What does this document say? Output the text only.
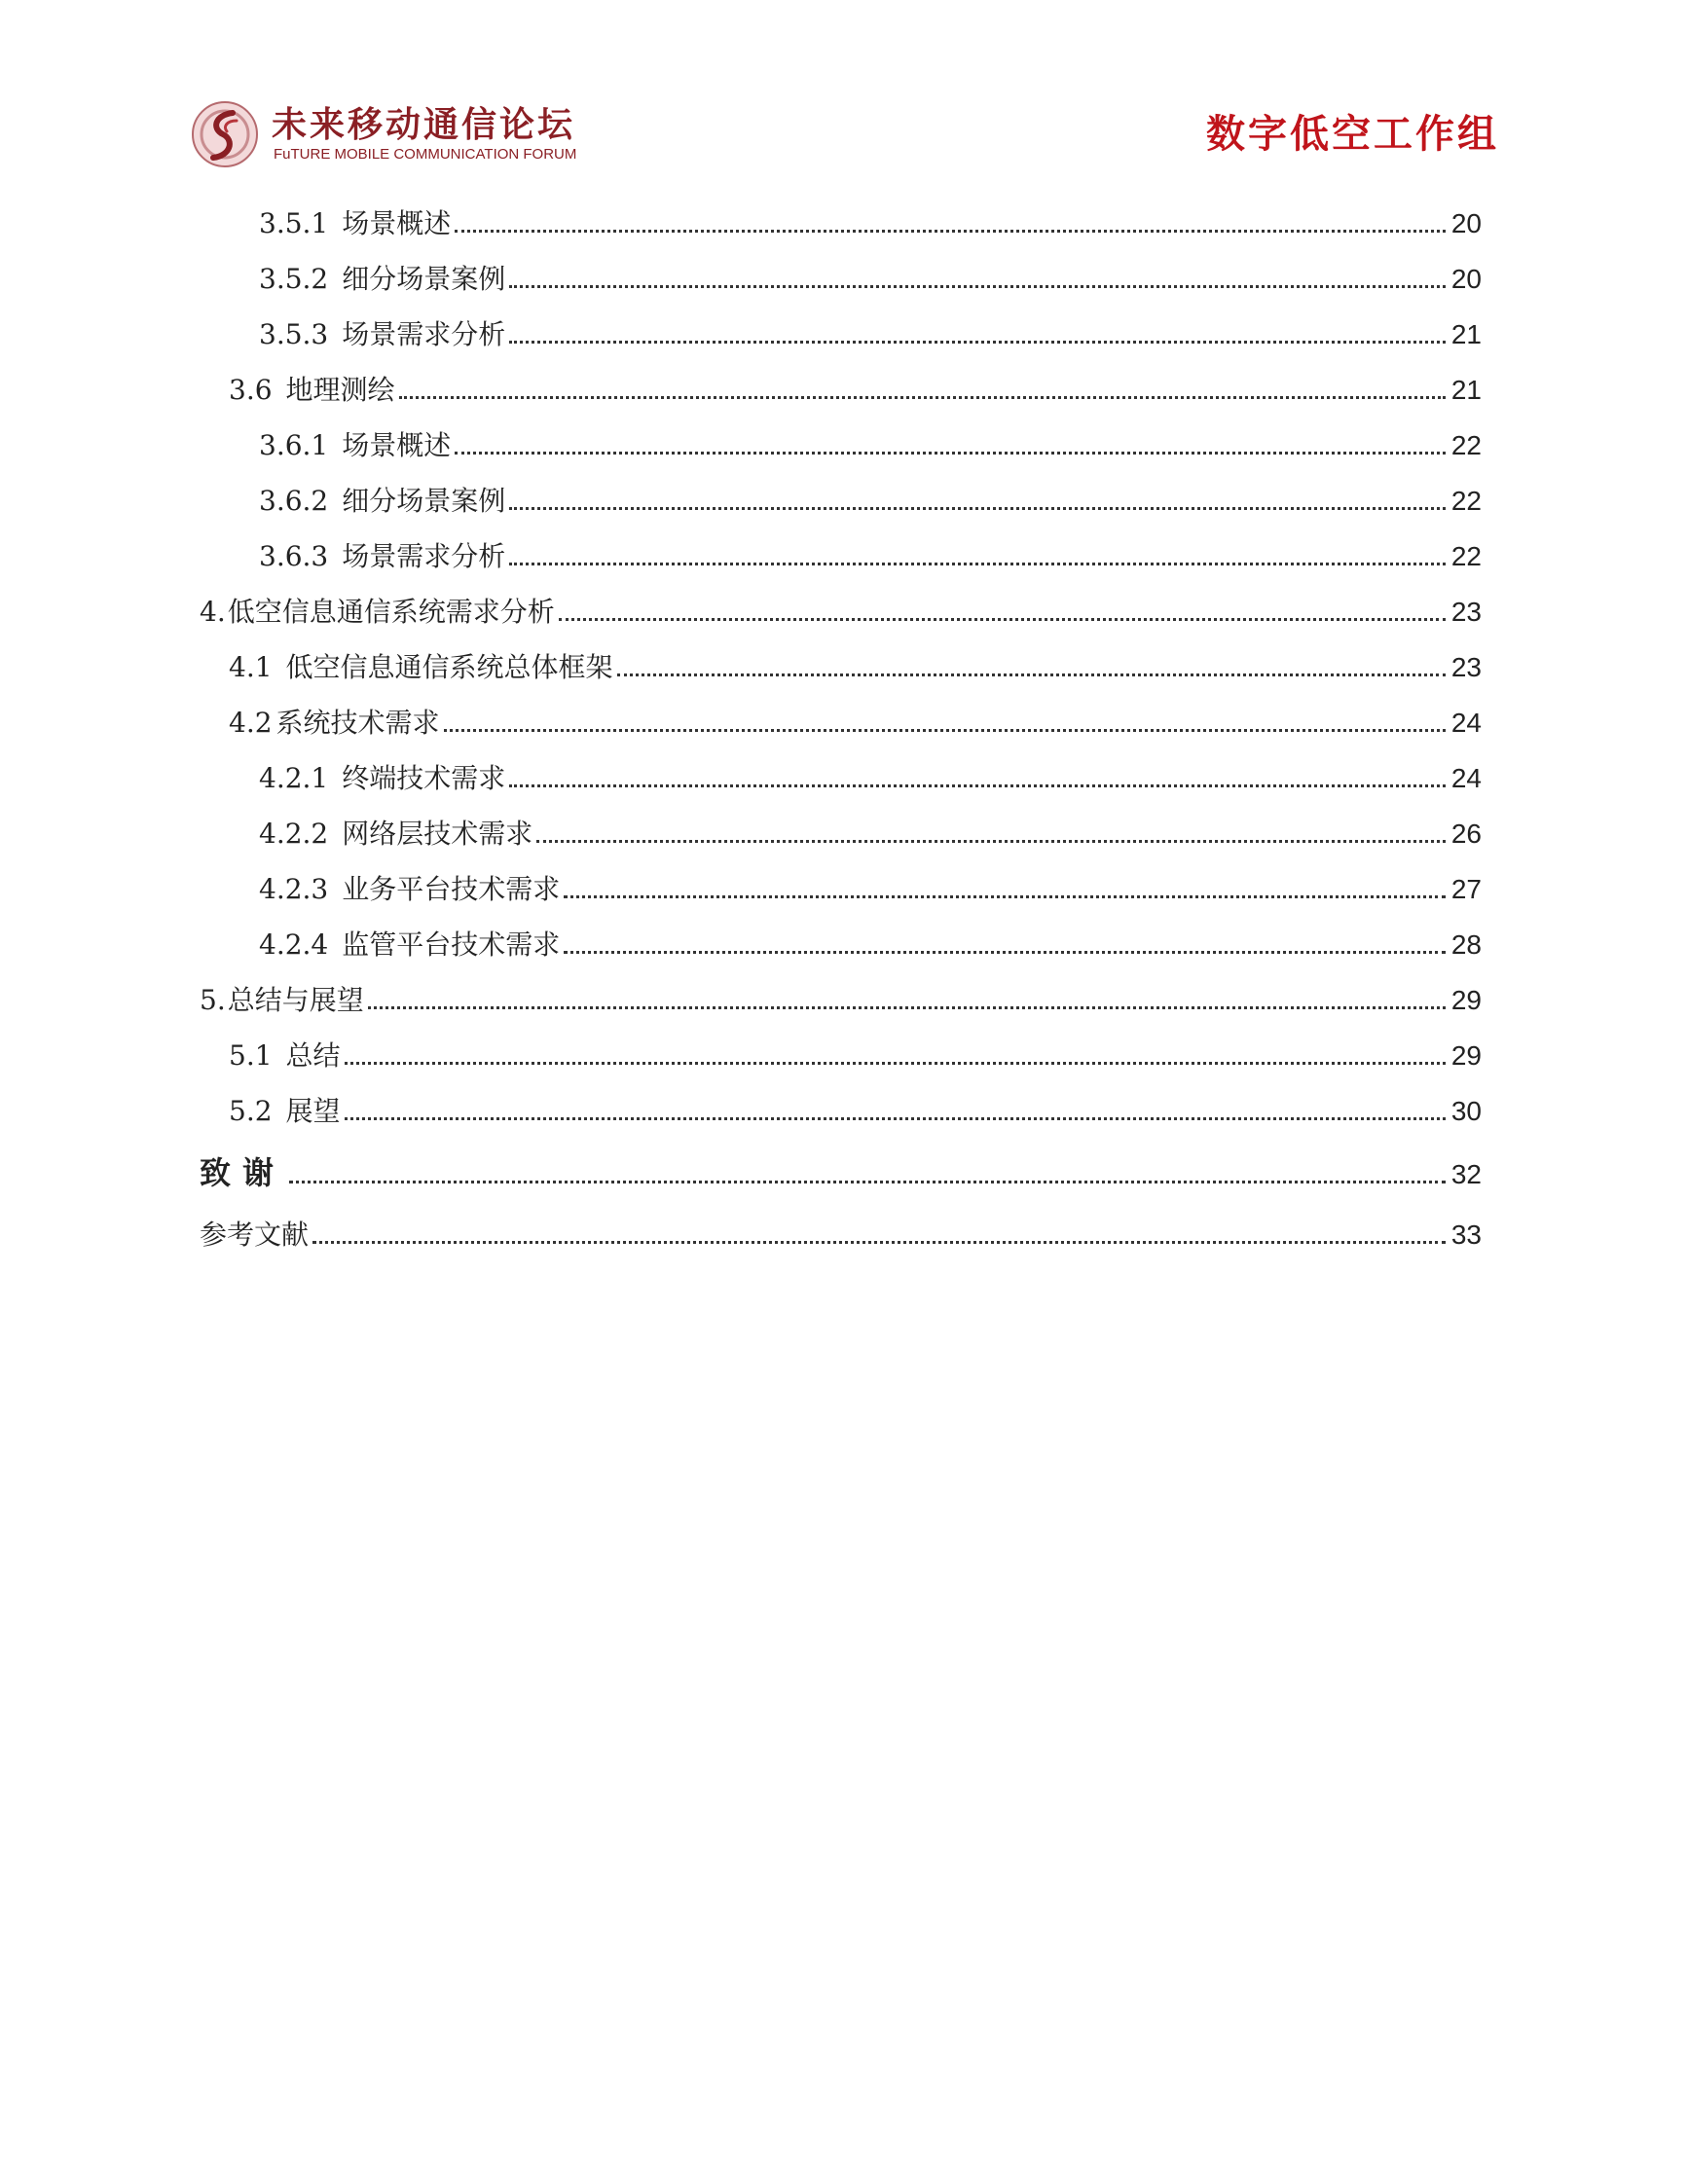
未来移动通信论坛
FuTURE MOBILE COMMUNICATION FORUM	数字低空工作组
3.5.1 场景概述	20
3.5.2 细分场景案例	20
3.5.3 场景需求分析	21
3.6 地理测绘	21
3.6.1 场景概述	22
3.6.2 细分场景案例	22
3.6.3 场景需求分析	22
4.低空信息通信系统需求分析	23
4.1 低空信息通信系统总体框架	23
4.2 系统技术需求	24
4.2.1 终端技术需求	24
4.2.2 网络层技术需求	26
4.2.3 业务平台技术需求	27
4.2.4 监管平台技术需求	28
5.总结与展望	29
5.1 总结	29
5.2 展望	30
致谢	32
参考文献	33
